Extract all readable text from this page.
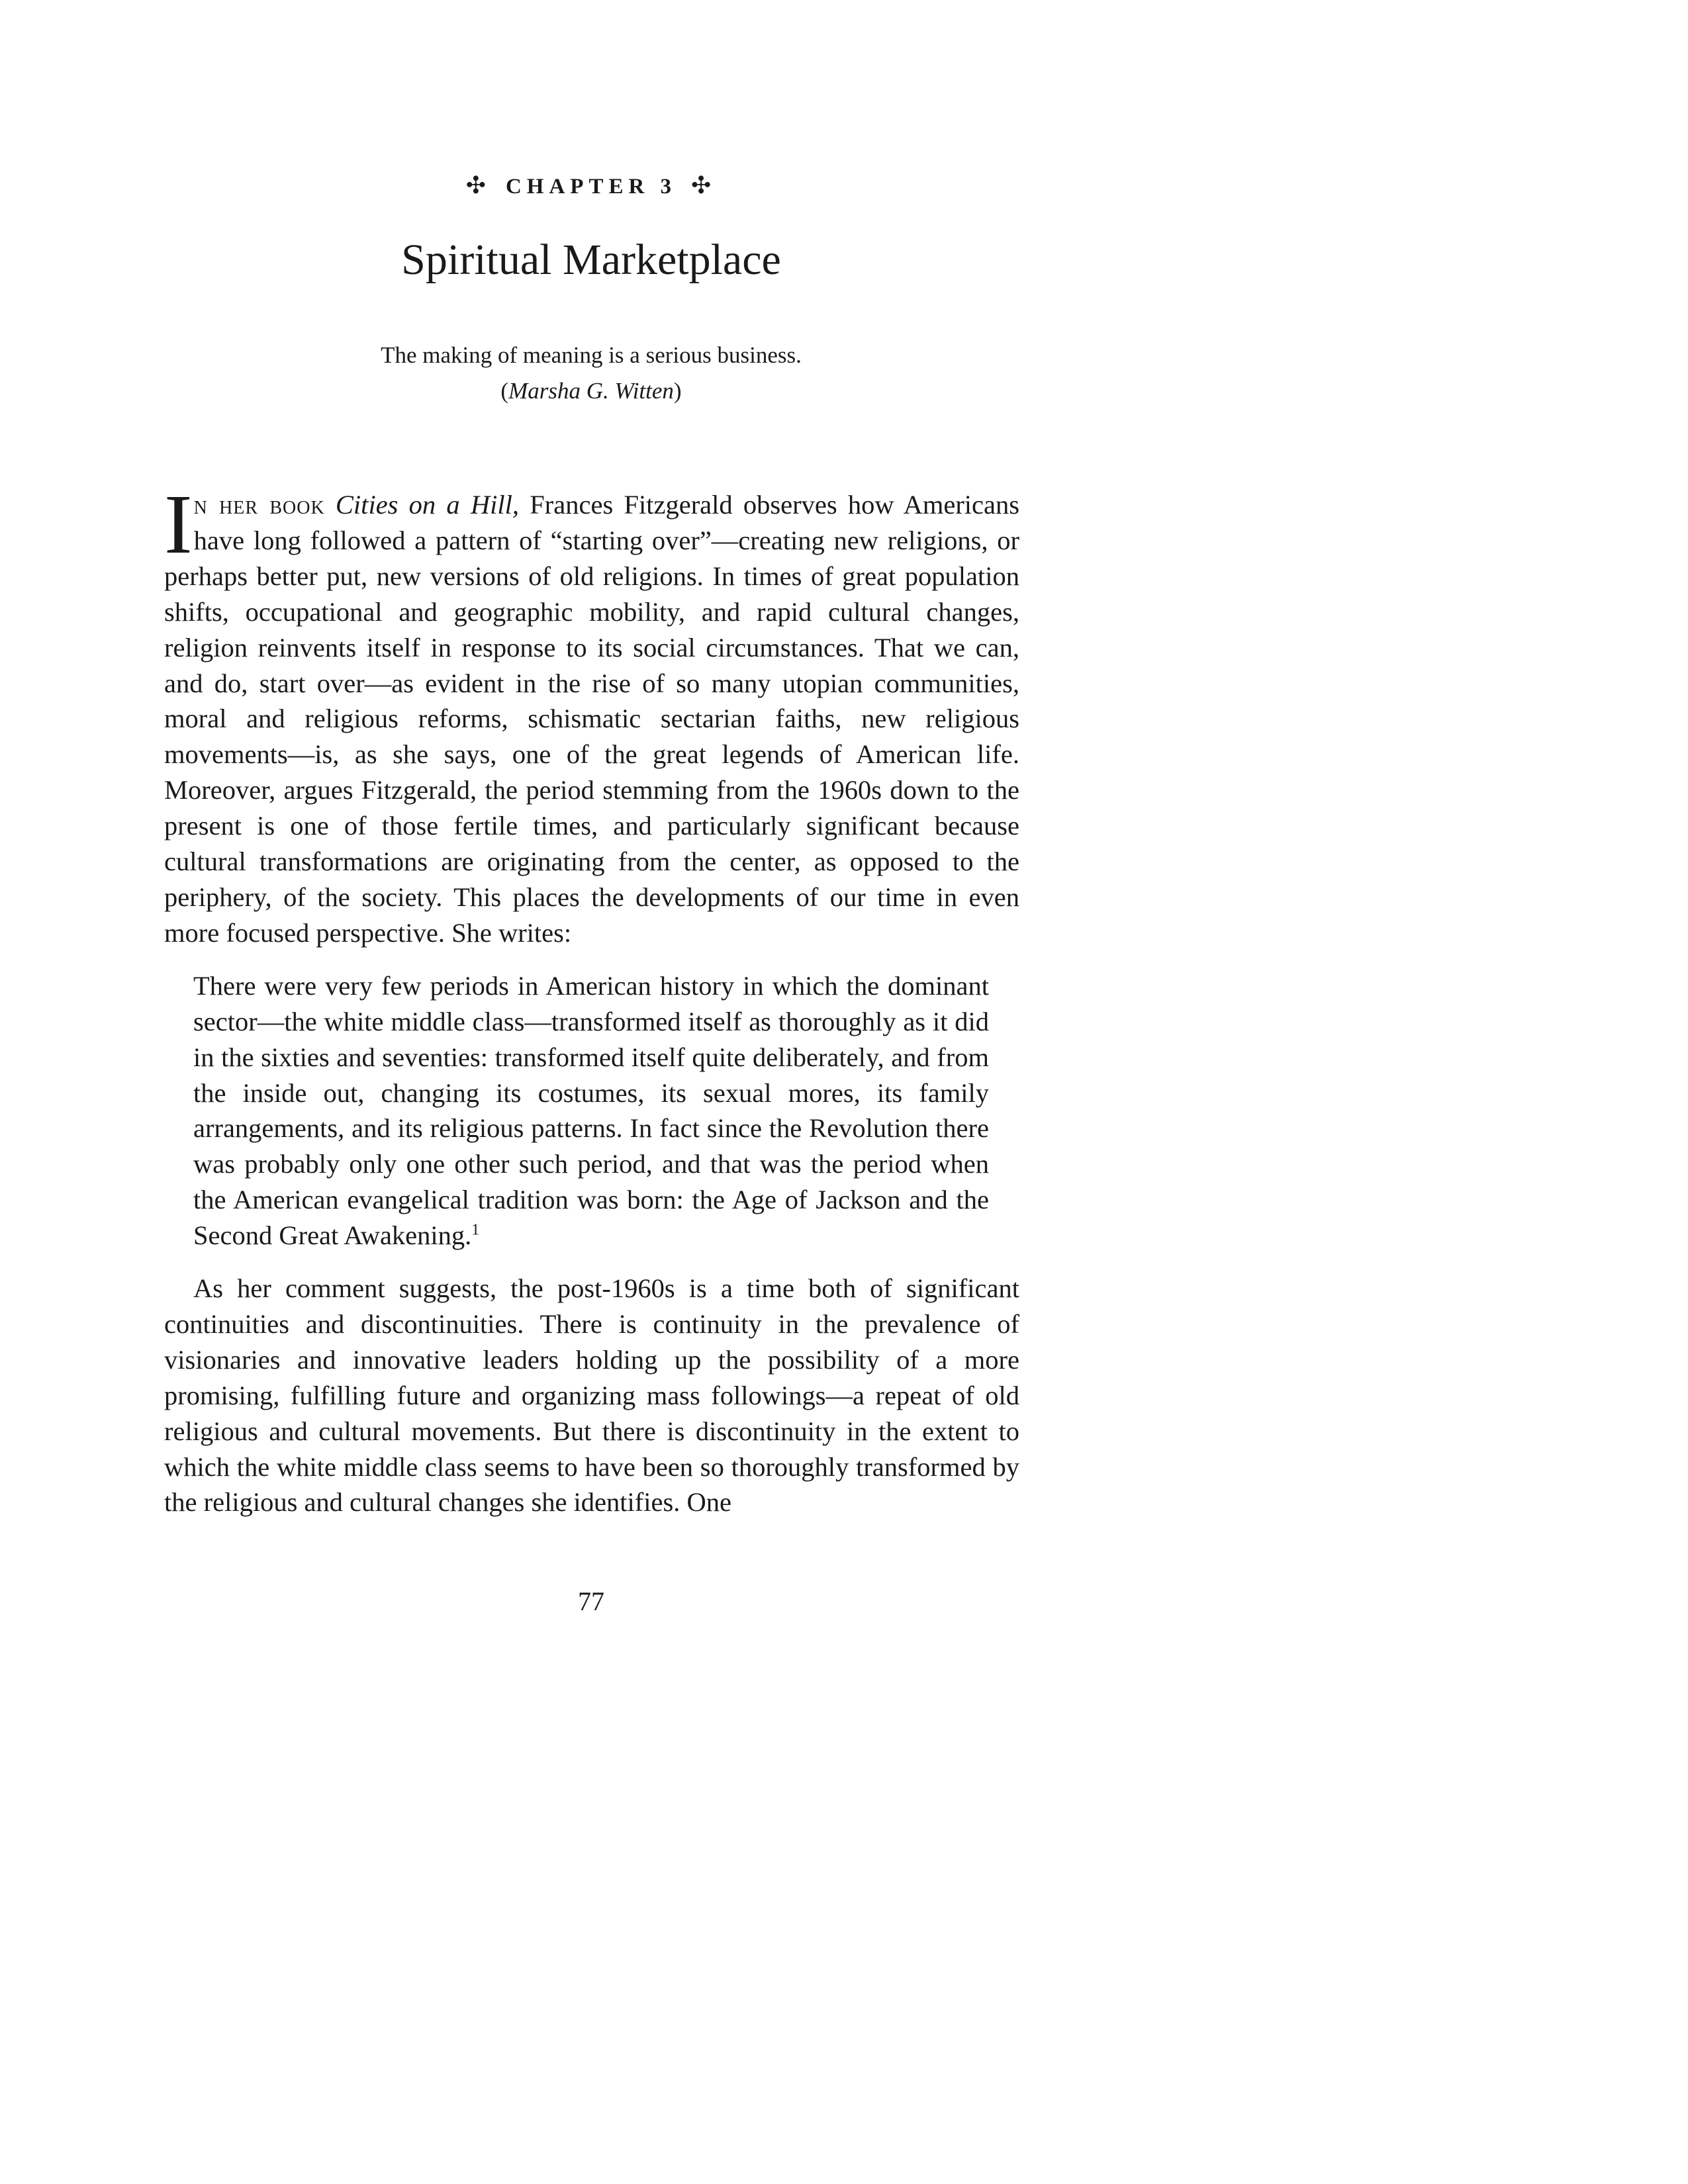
✣ CHAPTER 3 ✣
Spiritual Marketplace
The making of meaning is a serious business.
(Marsha G. Witten)

In her book Cities on a Hill, Frances Fitzgerald observes how Americans have long followed a pattern of “starting over”—creating new religions, or perhaps better put, new versions of old religions. In times of great population shifts, occupational and geographic mobility, and rapid cultural changes, religion reinvents itself in response to its social circumstances. That we can, and do, start over—as evident in the rise of so many utopian communities, moral and religious reforms, schismatic sectarian faiths, new religious movements—is, as she says, one of the great legends of American life. Moreover, argues Fitzgerald, the period stemming from the 1960s down to the present is one of those fertile times, and particularly significant because cultural transformations are originating from the center, as opposed to the periphery, of the society. This places the developments of our time in even more focused perspective. She writes:

There were very few periods in American history in which the dominant sector—the white middle class—transformed itself as thoroughly as it did in the sixties and seventies: transformed itself quite deliberately, and from the inside out, changing its costumes, its sexual mores, its family arrangements, and its religious patterns. In fact since the Revolution there was probably only one other such period, and that was the period when the American evangelical tradition was born: the Age of Jackson and the Second Great Awakening.$^1$

As her comment suggests, the post-1960s is a time both of significant continuities and discontinuities. There is continuity in the prevalence of visionaries and innovative leaders holding up the possibility of a more promising, fulfilling future and organizing mass followings—a repeat of old religious and cultural movements. But there is discontinuity in the extent to which the white middle class seems to have been so thoroughly transformed by the religious and cultural changes she identifies. One

77
